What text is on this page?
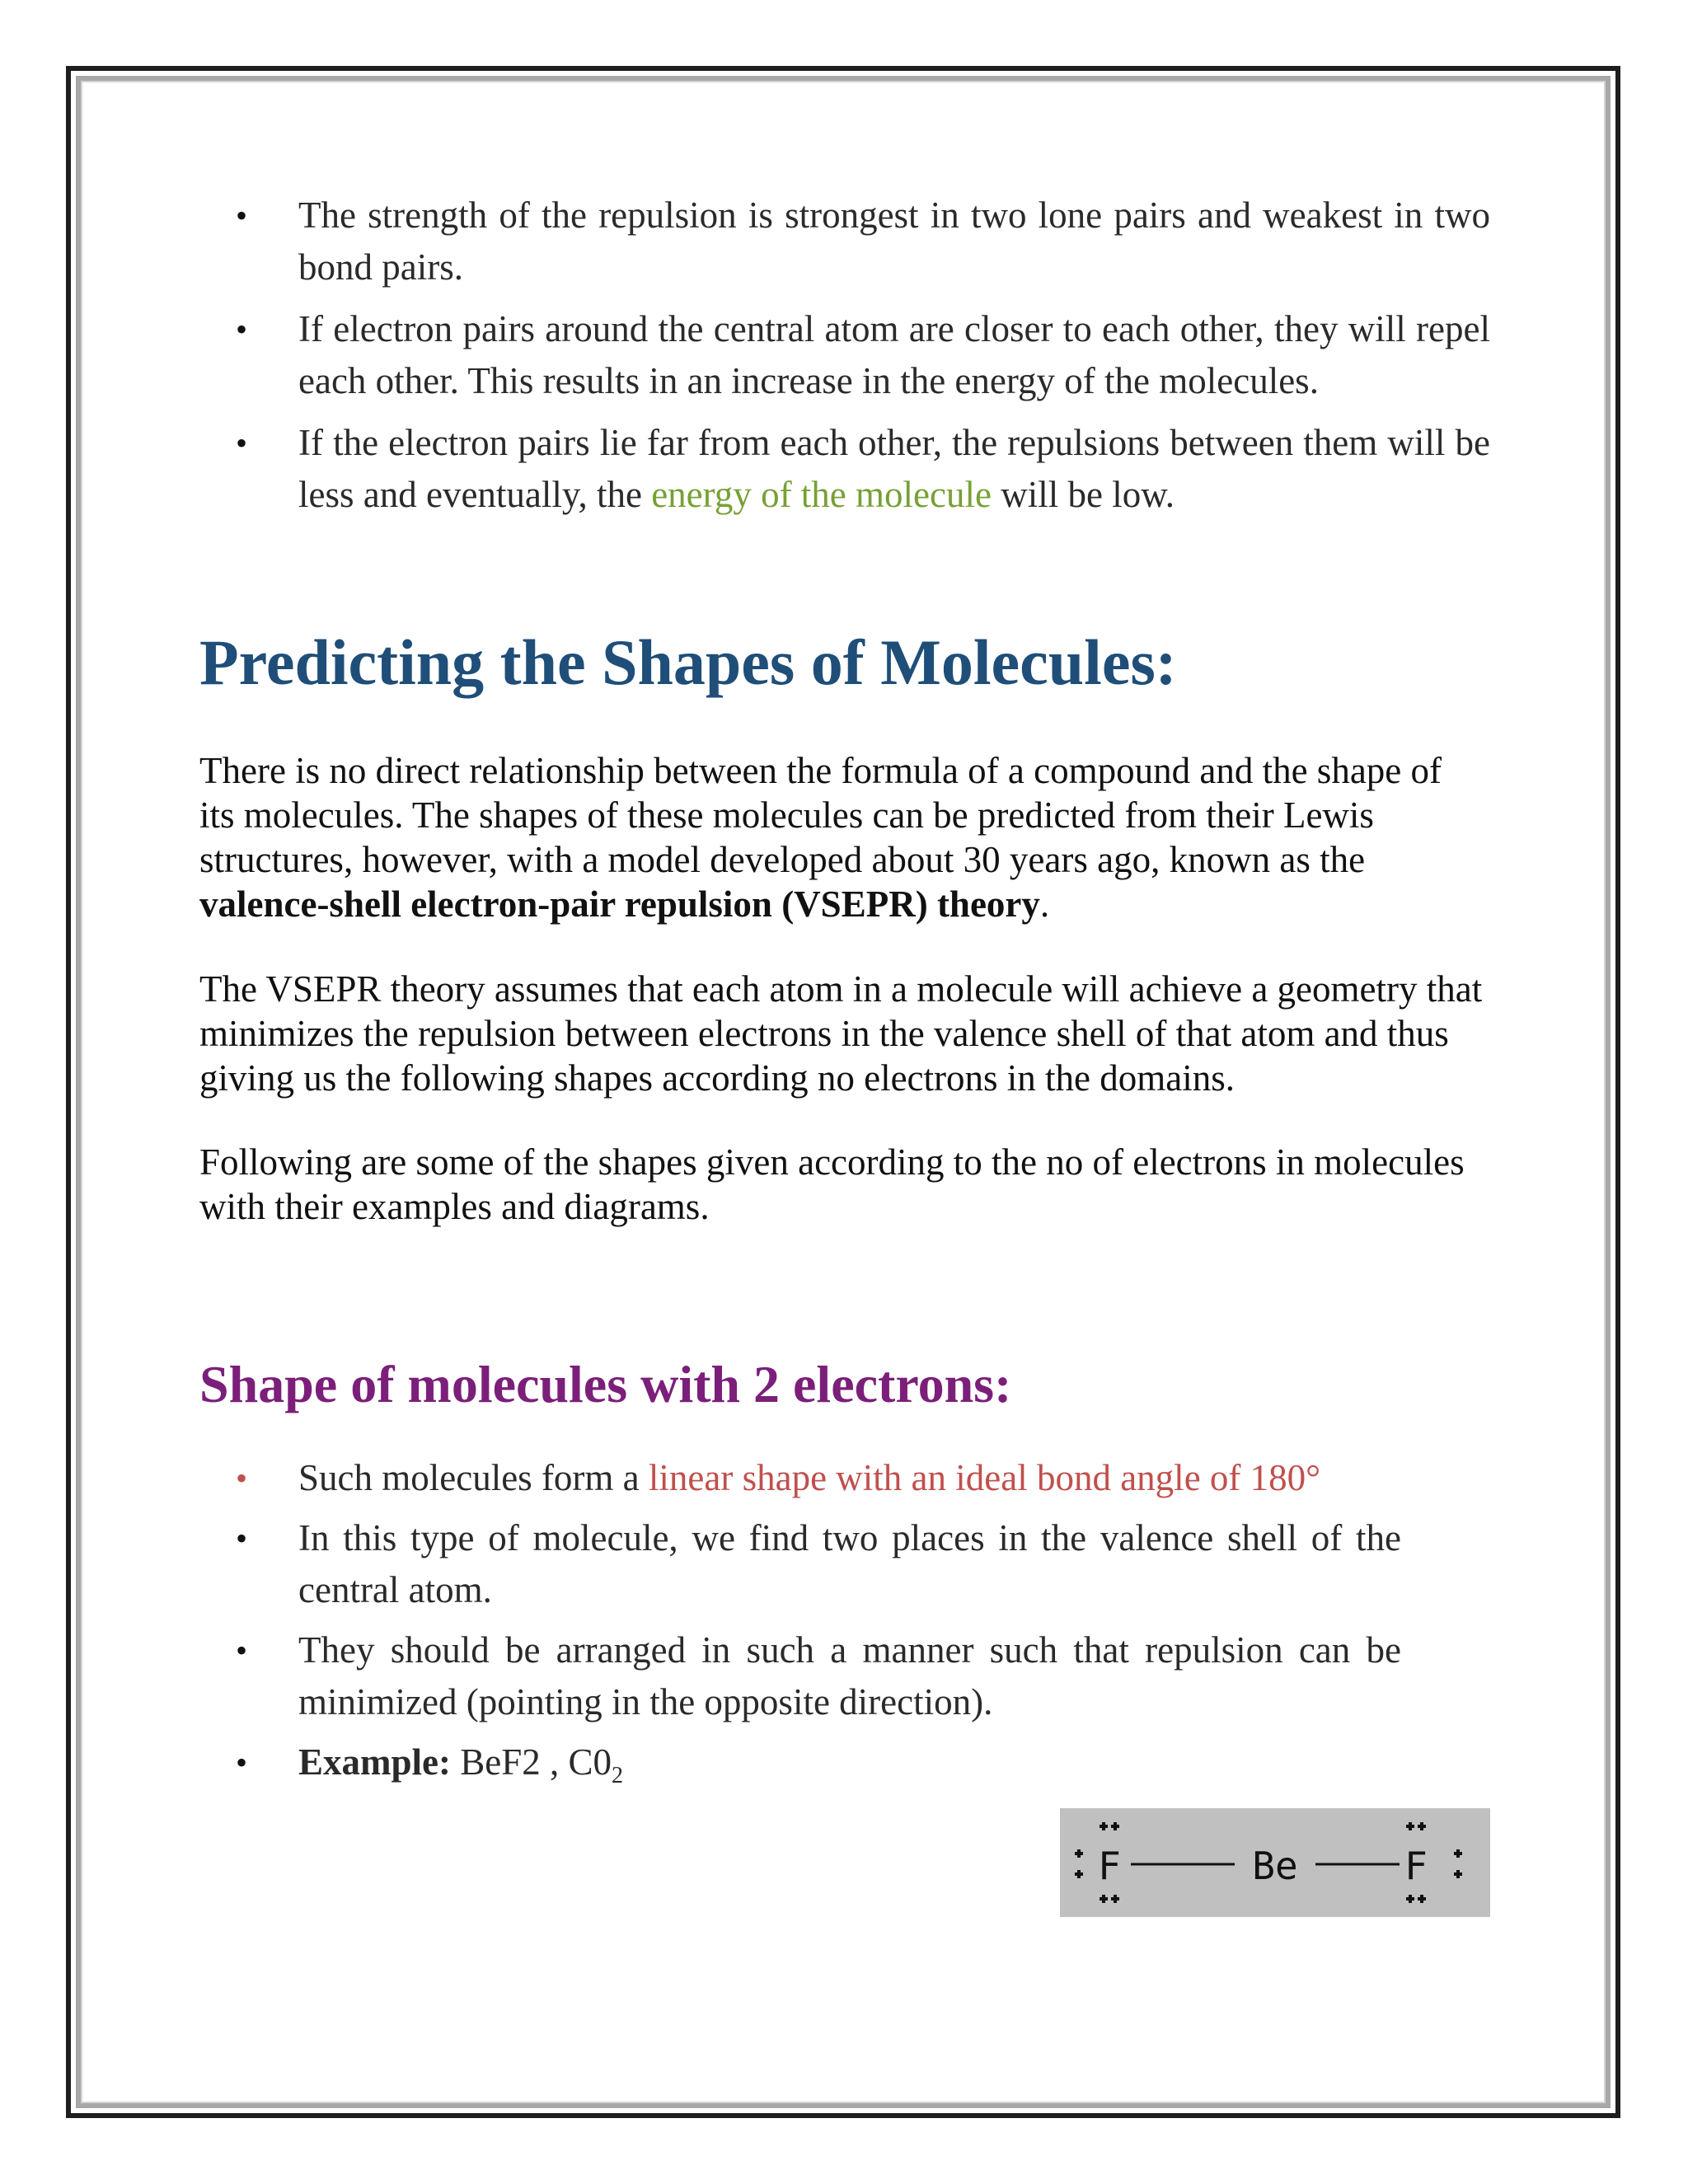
• The strength of the repulsion is strongest in two lone pairs and weakest in two bond pairs.
• If electron pairs around the central atom are closer to each other, they will repel each other. This results in an increase in the energy of the molecules.
• If the electron pairs lie far from each other, the repulsions between them will be less and eventually, the energy of the molecule will be low.
Predicting the Shapes of Molecules:

There is no direct relationship between the formula of a compound and the shape of its molecules. The shapes of these molecules can be predicted from their Lewis structures, however, with a model developed about 30 years ago, known as the valence-shell electron-pair repulsion (VSEPR) theory.

The VSEPR theory assumes that each atom in a molecule will achieve a geometry that minimizes the repulsion between electrons in the valence shell of that atom and thus giving us the following shapes according no electrons in the domains.

Following are some of the shapes given according to the no of electrons in molecules with their examples and diagrams.

Shape of molecules with 2 electrons:
• Such molecules form a linear shape with an ideal bond angle of 180°
• In this type of molecule, we find two places in the valence shell of the central atom.
• They should be arranged in such a manner such that repulsion can be minimized (pointing in the opposite direction).
• Example: BeF2 , $C0_2$
F	Be	F
